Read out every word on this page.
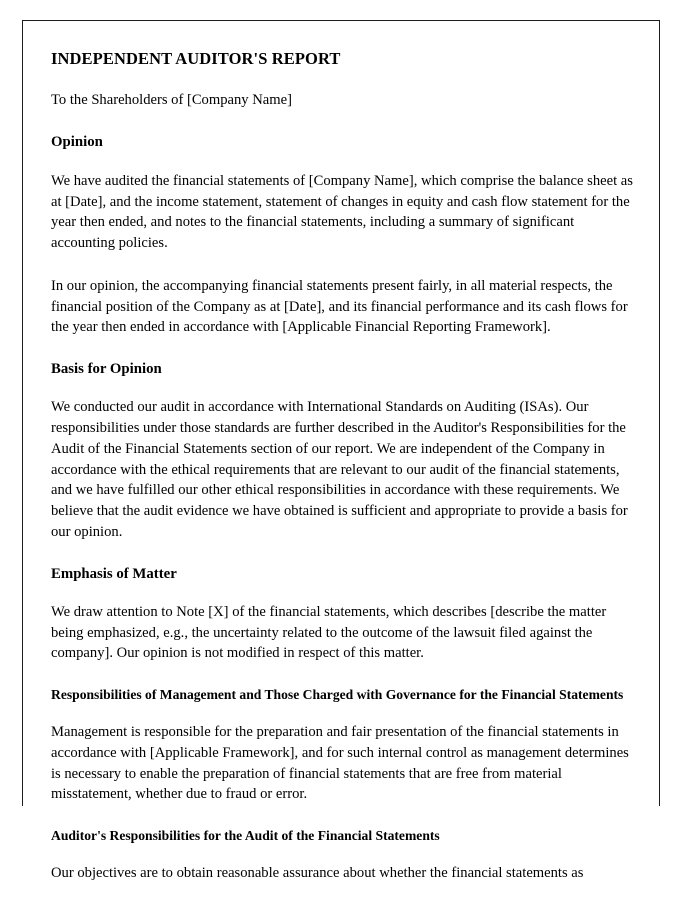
INDEPENDENT AUDITOR'S REPORT
To the Shareholders of [Company Name]
Opinion

We have audited the financial statements of [Company Name], which comprise the balance sheet as at [Date], and the income statement, statement of changes in equity and cash flow statement for the year then ended, and notes to the financial statements, including a summary of significant accounting policies.

In our opinion, the accompanying financial statements present fairly, in all material respects, the financial position of the Company as at [Date], and its financial performance and its cash flows for the year then ended in accordance with [Applicable Financial Reporting Framework].

Basis for Opinion

We conducted our audit in accordance with International Standards on Auditing (ISAs). Our responsibilities under those standards are further described in the Auditor's Responsibilities for the Audit of the Financial Statements section of our report. We are independent of the Company in accordance with the ethical requirements that are relevant to our audit of the financial statements, and we have fulfilled our other ethical responsibilities in accordance with these requirements. We believe that the audit evidence we have obtained is sufficient and appropriate to provide a basis for our opinion.

Emphasis of Matter

We draw attention to Note [X] of the financial statements, which describes [describe the matter being emphasized, e.g., the uncertainty related to the outcome of the lawsuit filed against the company]. Our opinion is not modified in respect of this matter.

Responsibilities of Management and Those Charged with Governance for the Financial Statements

Management is responsible for the preparation and fair presentation of the financial statements in accordance with [Applicable Framework], and for such internal control as management determines is necessary to enable the preparation of financial statements that are free from material misstatement, whether due to fraud or error.

Auditor's Responsibilities for the Audit of the Financial Statements

Our objectives are to obtain reasonable assurance about whether the financial statements as
